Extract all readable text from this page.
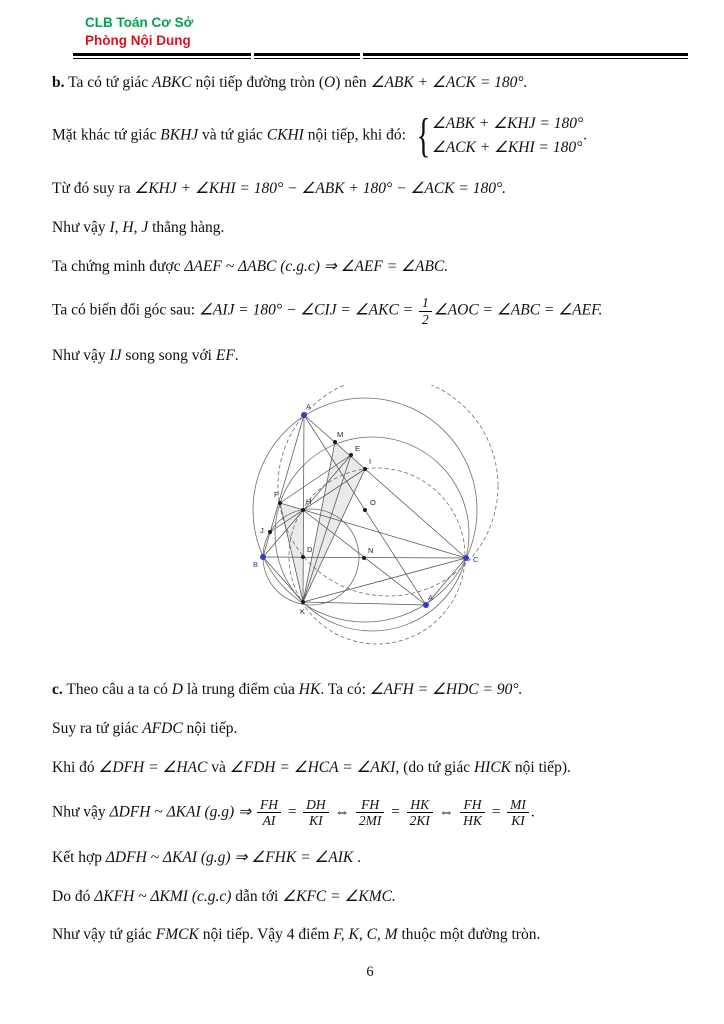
CLB Toán Cơ Sở
Phòng Nội Dung

b. Ta có tứ giác ABKC nội tiếp đường tròn (O) nên ∠ABK + ∠ACK = 180°.

Mặt khác tứ giác BKHJ và tứ giác CKHI nội tiếp, khi đó: { ∠ABK + ∠KHJ = 180°
∠ACK + ∠KHI = 180°
.

Từ đó suy ra ∠KHJ + ∠KHI = 180° − ∠ABK + 180° − ∠ACK = 180°.

Như vậy I, H, J thẳng hàng.

Ta chứng minh được ΔAEF ~ ΔABC (c.g.c) ⇒ ∠AEF = ∠ABC.

Ta có biến đổi góc sau: ∠AIJ = 180° − ∠CIJ = ∠AKC = $\frac{1}{2}$ ∠AOC = ∠ABC = ∠AEF.

Như vậy IJ song song với EF.

A
M
E
I
F
H	O
J
B
D	N
C
K
A'

c. Theo câu a ta có D là trung điểm của HK. Ta có: ∠AFH = ∠HDC = 90°.

Suy ra tứ giác AFDC nội tiếp.

Khi đó ∠DFH = ∠HAC và ∠FDH = ∠HCA = ∠AKI, (do tứ giác HICK nội tiếp).

Như vậy ΔDFH ~ ΔKAI (g.g) ⇒ $\frac{FH}{AI} = \frac{DH}{KI}$ ⇔ $\frac{FH}{2MI} = \frac{HK}{2KI}$ ⇔ $\frac{FH}{HK} = \frac{MI}{KI}$ .

Kết hợp ΔDFH ~ ΔKAI (g.g) ⇒ ∠FHK = ∠AIK .

Do đó ΔKFH ~ ΔKMI (c.g.c) dẫn tới ∠KFC = ∠KMC.

Như vậy tứ giác FMCK nội tiếp. Vậy 4 điểm F, K, C, M thuộc một đường tròn.

6
